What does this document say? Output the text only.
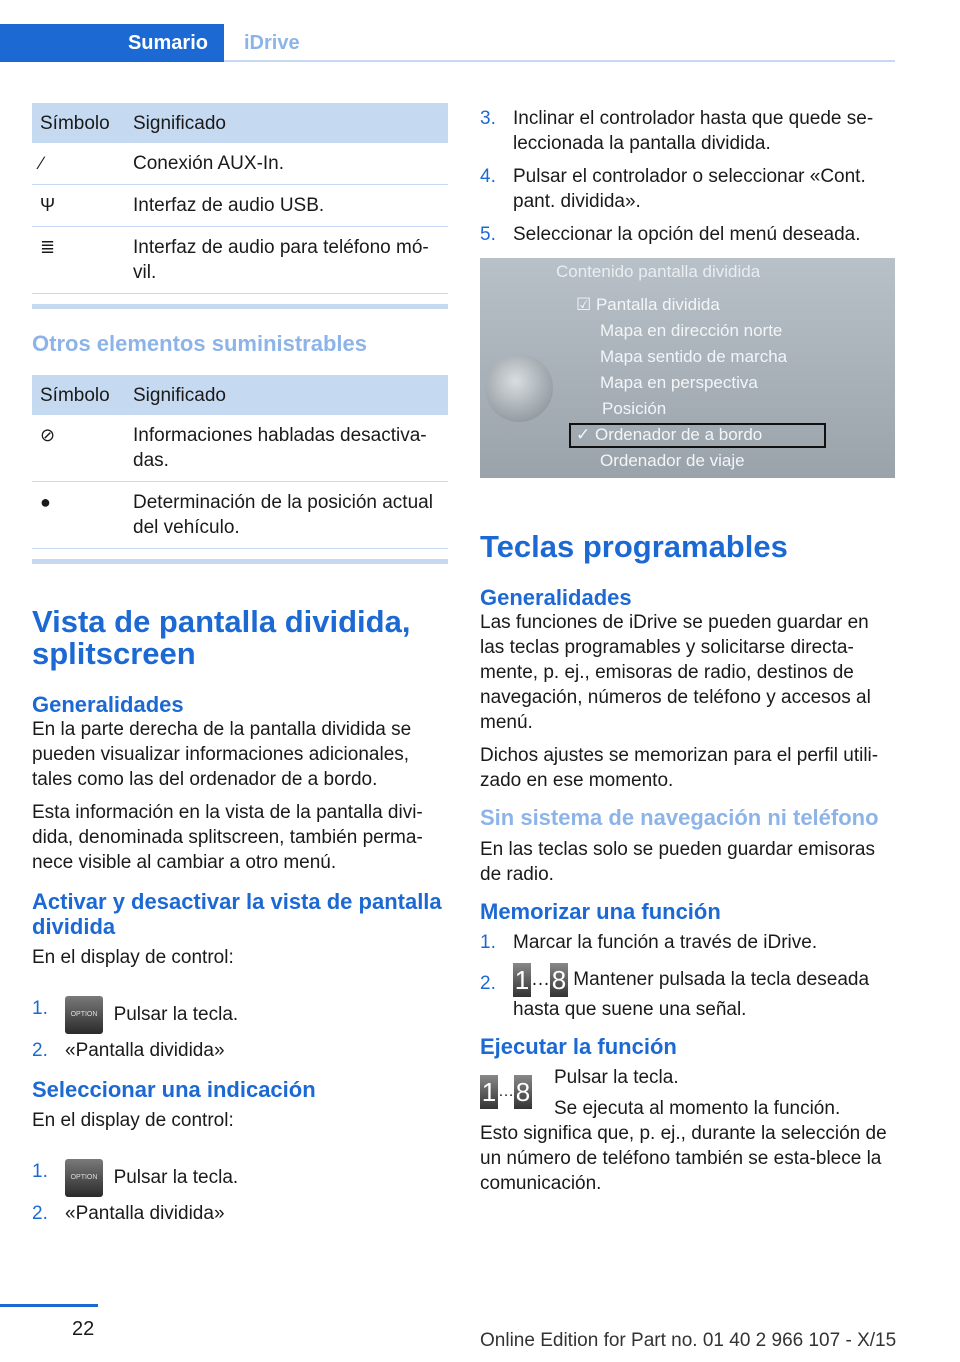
Sumario iDrive
Símbolo	Significado
∕	Conexión AUX-In.
Ψ	Interfaz de audio USB.
≣	Interfaz de audio para teléfono mó-vil.
Otros elementos suministrables
Símbolo	Significado
⊘	Informaciones habladas desactiva-das.
●	Determinación de la posición actual del vehículo.
Vista de pantalla dividida, splitscreen
Generalidades

En la parte derecha de la pantalla dividida se pueden visualizar informaciones adicionales, tales como las del ordenador de a bordo.

Esta información en la vista de la pantalla divi-dida, denominada splitscreen, también perma-nece visible al cambiar a otro menú.

Activar y desactivar la vista de pantalla dividida

En el display de control:

1.	OPTION Pulsar la tecla.
2. «Pantalla dividida»
Seleccionar una indicación

En el display de control:

1.	OPTION Pulsar la tecla.
2. «Pantalla dividida»
3. Inclinar el controlador hasta que quede se-leccionada la pantalla dividida.
4. Pulsar el controlador o seleccionar «Cont. pant. dividida».
5. Seleccionar la opción del menú deseada.
Contenido pantalla dividida
☑ Pantalla dividida
Mapa en dirección norte
Mapa sentido de marcha
Mapa en perspectiva
Posición
✓ Ordenador de a bordo
Ordenador de viaje
Teclas programables
Generalidades

Las funciones de iDrive se pueden guardar en las teclas programables y solicitarse directa-mente, p. ej., emisoras de radio, destinos de navegación, números de teléfono y accesos al menú.

Dichos ajustes se memorizan para el perfil utili-zado en ese momento.

Sin sistema de navegación ni teléfono

En las teclas solo se pueden guardar emisoras de radio.

Memorizar una función
1. Marcar la función a través de iDrive.
2. 1…8 Mantener pulsada la tecla deseada hasta que suene una señal.
Ejecutar la función
1 …8 Pulsar la tecla.

Se ejecuta al momento la función.

Esto significa que, p. ej., durante la selección de un número de teléfono también se esta-blece la comunicación.

22
Online Edition for Part no. 01 40 2 966 107 - X/15
